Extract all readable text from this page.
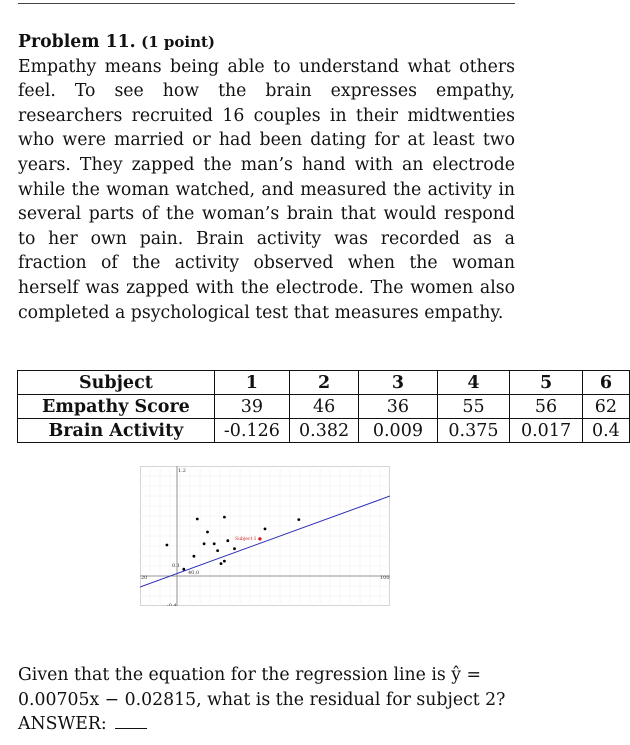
Problem 11. (1 point)
Empathy means being able to understand what others feel. To see how the brain expresses empathy, researchers recruited 16 couples in their midtwenties who were married or had been dating for at least two years. They zapped the man’s hand with an electrode while the woman watched, and measured the activity in several parts of the woman’s brain that would respond to her own pain. Brain activity was recorded as a fraction of the activity observed when the woman herself was zapped with the electrode. The women also completed a psychological test that measures empathy.
Subject	1	2	3	4	5	6
Empathy Score	39	46	36	55	56	62
Brain Activity	-0.126	0.382	0.009	0.375	0.017	0.4
1.2
0.1
40,0
20	100
-0.4
Subject 1 ●
Given that the equation for the regression line is ŷ =
0.00705x − 0.02815, what is the residual for subject 2?
ANSWER:
